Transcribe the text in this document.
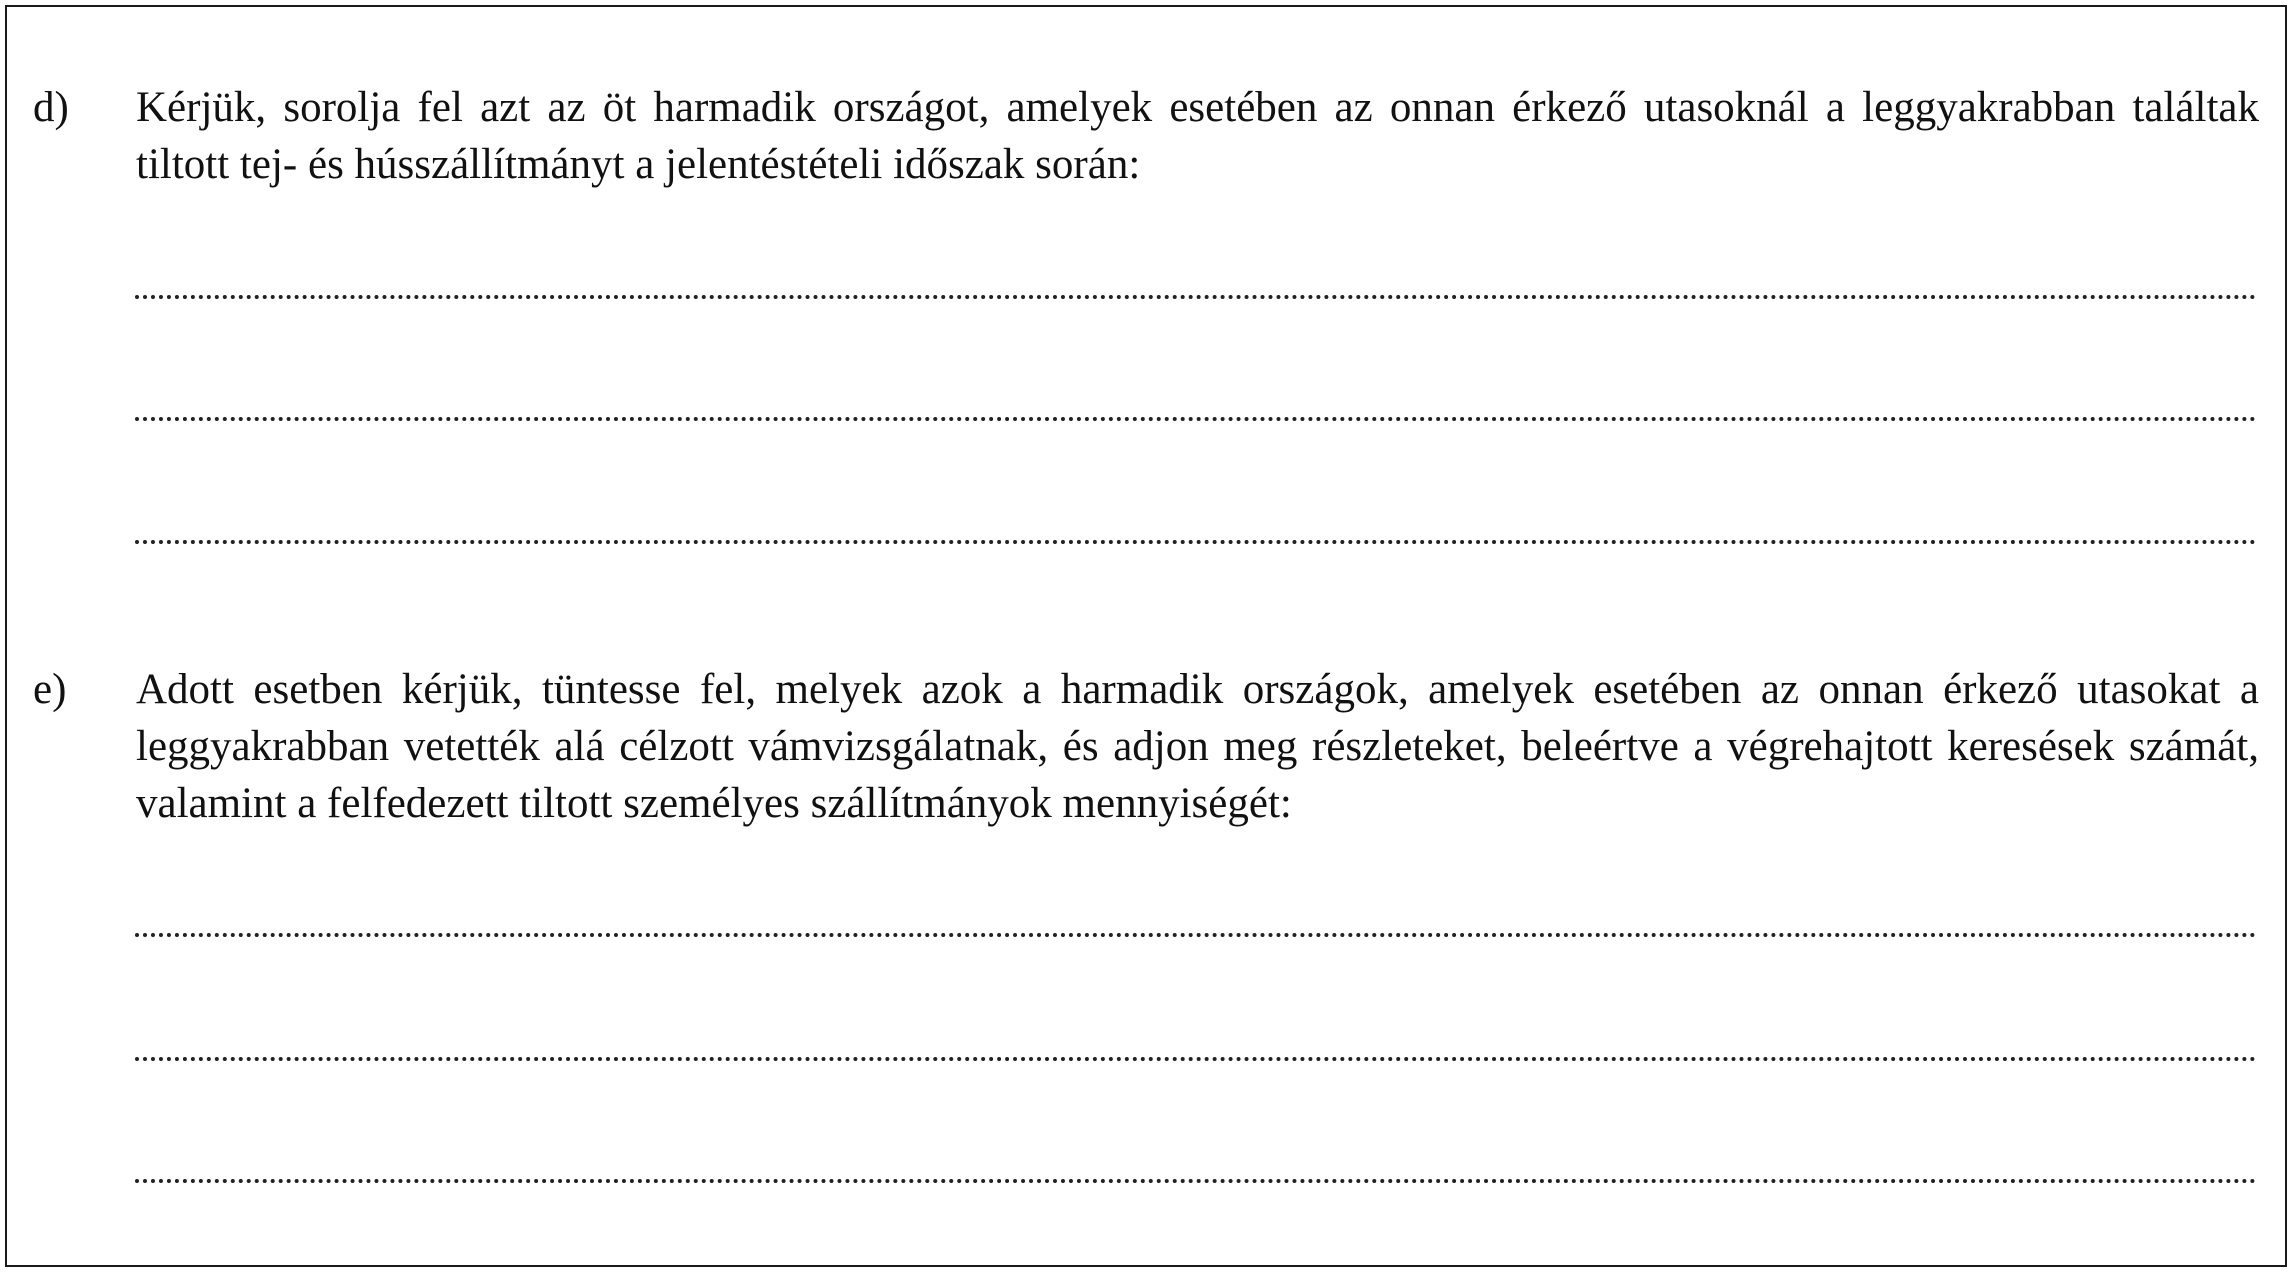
d)	Kérjük, sorolja fel azt az öt harmadik országot, amelyek esetében az onnan érkező utasoknál a leggyakrabban találtak tiltott tej- és hússzállítmányt a jelentéstételi időszak során:
e)	Adott esetben kérjük, tüntesse fel, melyek azok a harmadik országok, amelyek esetében az onnan érkező utasokat a leggyakrabban vetették alá célzott vámvizsgálatnak, és adjon meg részleteket, beleértve a végrehajtott keresések számát, valamint a felfedezett tiltott személyes szállítmányok mennyiségét:
